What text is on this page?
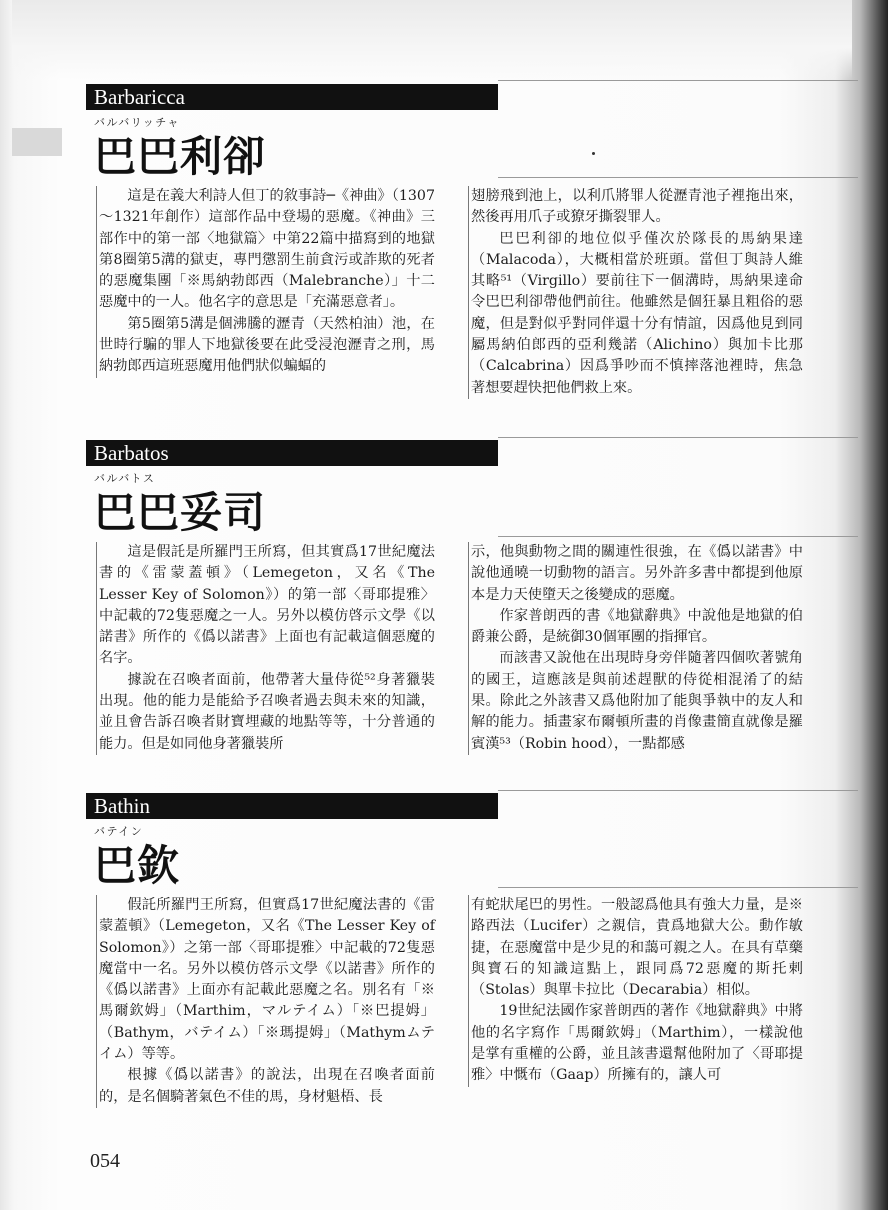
Barbaricca
バルバリッチャ
巴巴利卻

這是在義大利詩人但丁的敘事詩─《神曲》（1307～1321年創作）這部作品中登場的惡魔。《神曲》三部作中的第一部〈地獄篇〉中第22篇中描寫到的地獄第8圈第5溝的獄吏，專門懲罰生前貪污或詐欺的死者的惡魔集團「※馬納勃郎西（Malebranche）」十二惡魔中的一人。他名字的意思是「充滿惡意者」。

第5圈第5溝是個沸騰的瀝青（天然柏油）池，在世時行騙的罪人下地獄後要在此受浸泡瀝青之刑，馬納勃郎西這班惡魔用他們狀似蝙蝠的

翅膀飛到池上，以利爪將罪人從瀝青池子裡拖出來，然後再用爪子或獠牙撕裂罪人。

巴巴利卻的地位似乎僅次於隊長的馬納果達（Malacoda），大概相當於班頭。當但丁與詩人維其略⁵¹（Virgillo）要前往下一個溝時，馬納果達命令巴巴利卻帶他們前往。他雖然是個狂暴且粗俗的惡魔，但是對似乎對同伴還十分有情誼，因爲他見到同屬馬納伯郎西的亞利幾諾（Alichino）與加卡比那（Calcabrina）因爲爭吵而不慎摔落池裡時，焦急著想要趕快把他們救上來。

Barbatos
バルバトス
巴巴妥司

這是假託是所羅門王所寫，但其實爲17世紀魔法書的《雷蒙蓋頓》（Lemegeton，又名《The Lesser Key of Solomon》）的第一部〈哥耶提雅〉中記載的72隻惡魔之一人。另外以模仿啓示文學《以諾書》所作的《僞以諾書》上面也有記載這個惡魔的名字。

據說在召喚者面前，他帶著大量侍從⁵²身著獵裝出現。他的能力是能給予召喚者過去與未來的知識，並且會告訴召喚者財寶埋藏的地點等等，十分普通的能力。但是如同他身著獵裝所

示，他與動物之間的關連性很強，在《僞以諾書》中說他通曉一切動物的語言。另外許多書中都提到他原本是力天使墮天之後變成的惡魔。

作家普朗西的書《地獄辭典》中說他是地獄的伯爵兼公爵，是統御30個軍團的指揮官。

而該書又說他在出現時身旁伴隨著四個吹著號角的國王，這應該是與前述趕獸的侍從相混淆了的結果。除此之外該書又爲他附加了能與爭執中的友人和解的能力。插畫家布爾頓所畫的肖像畫簡直就像是羅賓漢⁵³（Robin hood），一點都感

Bathin
バテイン
巴欽

假託所羅門王所寫，但實爲17世紀魔法書的《雷蒙蓋頓》（Lemegeton，又名《The Lesser Key of Solomon》）之第一部〈哥耶提雅〉中記載的72隻惡魔當中一名。另外以模仿啓示文學《以諾書》所作的《僞以諾書》上面亦有記載此惡魔之名。別名有「※馬爾欽姆」（Marthim，マルテイム）「※巴提姆」（Bathym，バテイム）「※瑪提姆」（Mathymムテイム）等等。

根據《僞以諾書》的說法，出現在召喚者面前的，是名個騎著氣色不佳的馬，身材魁梧、長

有蛇狀尾巴的男性。一般認爲他具有強大力量，是※路西法（Lucifer）之親信，貴爲地獄大公。動作敏捷，在惡魔當中是少見的和藹可親之人。在具有草藥與寶石的知識這點上，跟同爲72惡魔的斯托剌（Stolas）與單卡拉比（Decarabia）相似。

19世紀法國作家普朗西的著作《地獄辭典》中將他的名字寫作「馬爾欽姆」（Marthim），一樣說他是掌有重權的公爵，並且該書還幫他附加了〈哥耶提雅〉中慨布（Gaap）所擁有的，讓人可

054
